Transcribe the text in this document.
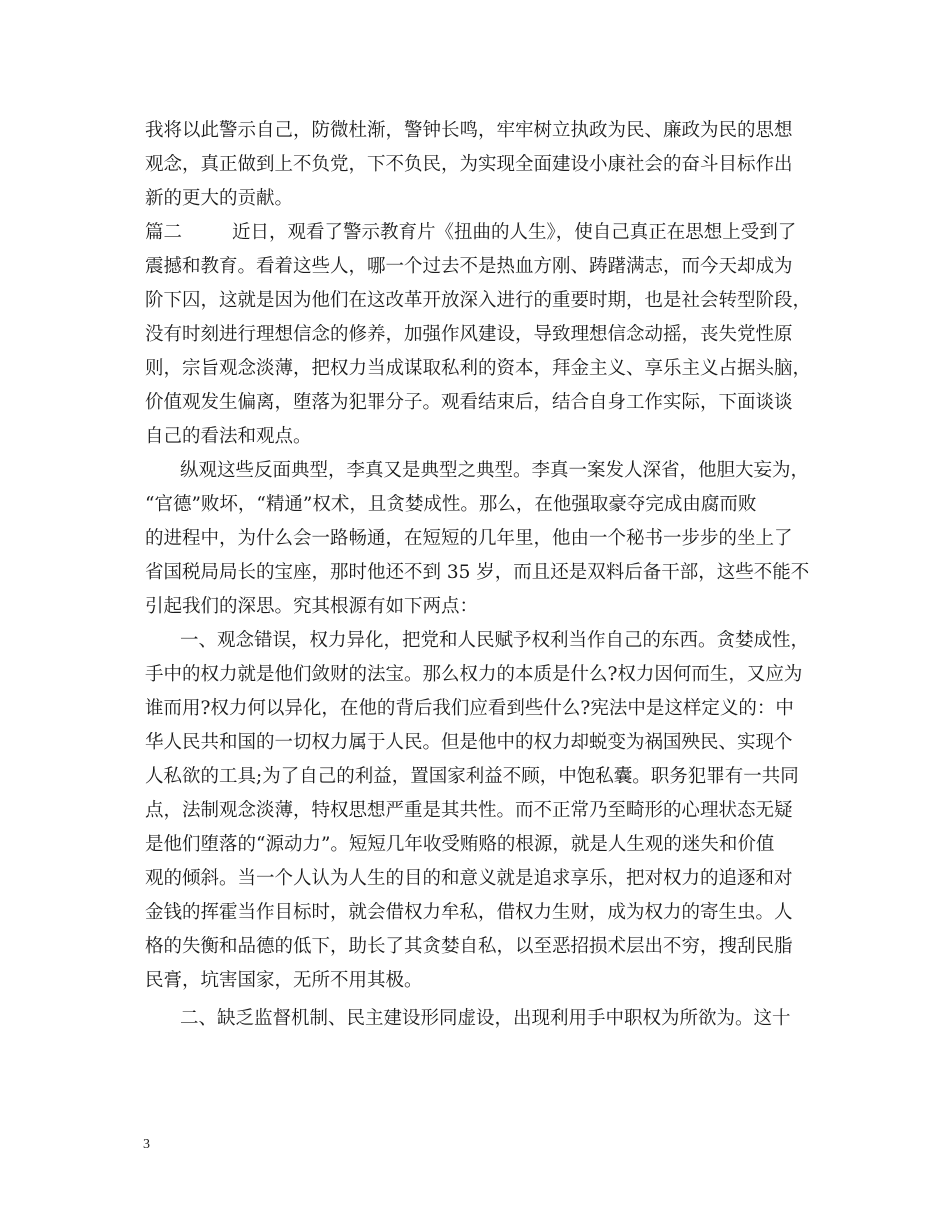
我将以此警示自己，防微杜渐，警钟长鸣，牢牢树立执政为民、廉政为民的思想
观念，真正做到上不负党，下不负民，为实现全面建设小康社会的奋斗目标作出
新的更大的贡献。
篇二	近日，观看了警示教育片《扭曲的人生》，使自己真正在思想上受到了
震撼和教育。看着这些人，哪一个过去不是热血方刚、踌躇满志，而今天却成为
阶下囚，这就是因为他们在这改革开放深入进行的重要时期，也是社会转型阶段，
没有时刻进行理想信念的修养，加强作风建设，导致理想信念动摇，丧失党性原
则，宗旨观念淡薄，把权力当成谋取私利的资本，拜金主义、享乐主义占据头脑，
价值观发生偏离，堕落为犯罪分子。观看结束后，结合自身工作实际，下面谈谈
自己的看法和观点。
纵观这些反面典型，李真又是典型之典型。李真一案发人深省，他胆大妄为，
“官德”败坏，“精通”权术，且贪婪成性。那么，在他强取豪夺完成由腐而败
的进程中，为什么会一路畅通，在短短的几年里，他由一个秘书一步步的坐上了
省国税局局长的宝座，那时他还不到 35 岁，而且还是双料后备干部，这些不能不
引起我们的深思。究其根源有如下两点：
一、观念错误，权力异化，把党和人民赋予权利当作自己的东西。贪婪成性，
手中的权力就是他们敛财的法宝。那么权力的本质是什么?权力因何而生，又应为
谁而用?权力何以异化，在他的背后我们应看到些什么?宪法中是这样定义的：中
华人民共和国的一切权力属于人民。但是他中的权力却蜕变为祸国殃民、实现个
人私欲的工具;为了自己的利益，置国家利益不顾，中饱私囊。职务犯罪有一共同
点，法制观念淡薄，特权思想严重是其共性。而不正常乃至畸形的心理状态无疑
是他们堕落的“源动力”。短短几年收受贿赂的根源，就是人生观的迷失和价值
观的倾斜。当一个人认为人生的目的和意义就是追求享乐，把对权力的追逐和对
金钱的挥霍当作目标时，就会借权力牟私，借权力生财，成为权力的寄生虫。人
格的失衡和品德的低下，助长了其贪婪自私，以至恶招损术层出不穷，搜刮民脂
民膏，坑害国家，无所不用其极。
二、缺乏监督机制、民主建设形同虚设，出现利用手中职权为所欲为。这十
3
